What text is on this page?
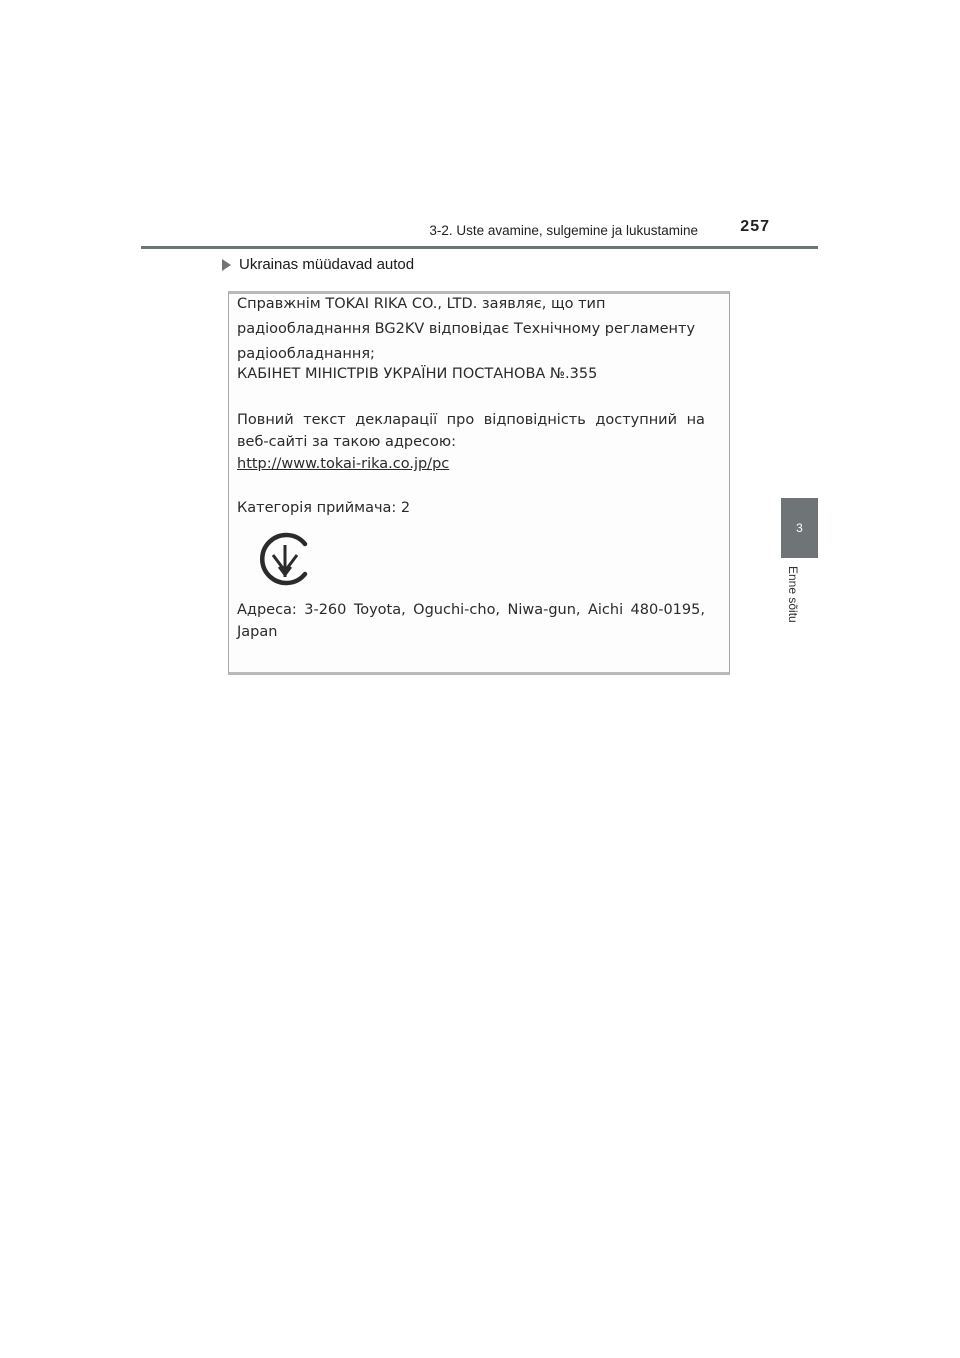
3-2. Uste avamine, sulgemine ja lukustamine	257
3
Enne sõitu
Ukrainas müüdavad autod
Справжнім TOKAI RIKA CO., LTD. заявляє, що тип
радіообладнання BG2KV відповідає Технічному регламенту
радіообладнання;
КАБІНЕТ МІНІСТРІВ УКРАЇНИ ПОСТАНОВА №.355
Повний текст декларації про відповідність доступний на
веб-сайті за такою адресою:
http://www.tokai-rika.co.jp/pc
Категорія приймача: 2
Адреса: 3-260 Toyota, Oguchi-cho, Niwa-gun, Aichi 480-0195,
Japan
